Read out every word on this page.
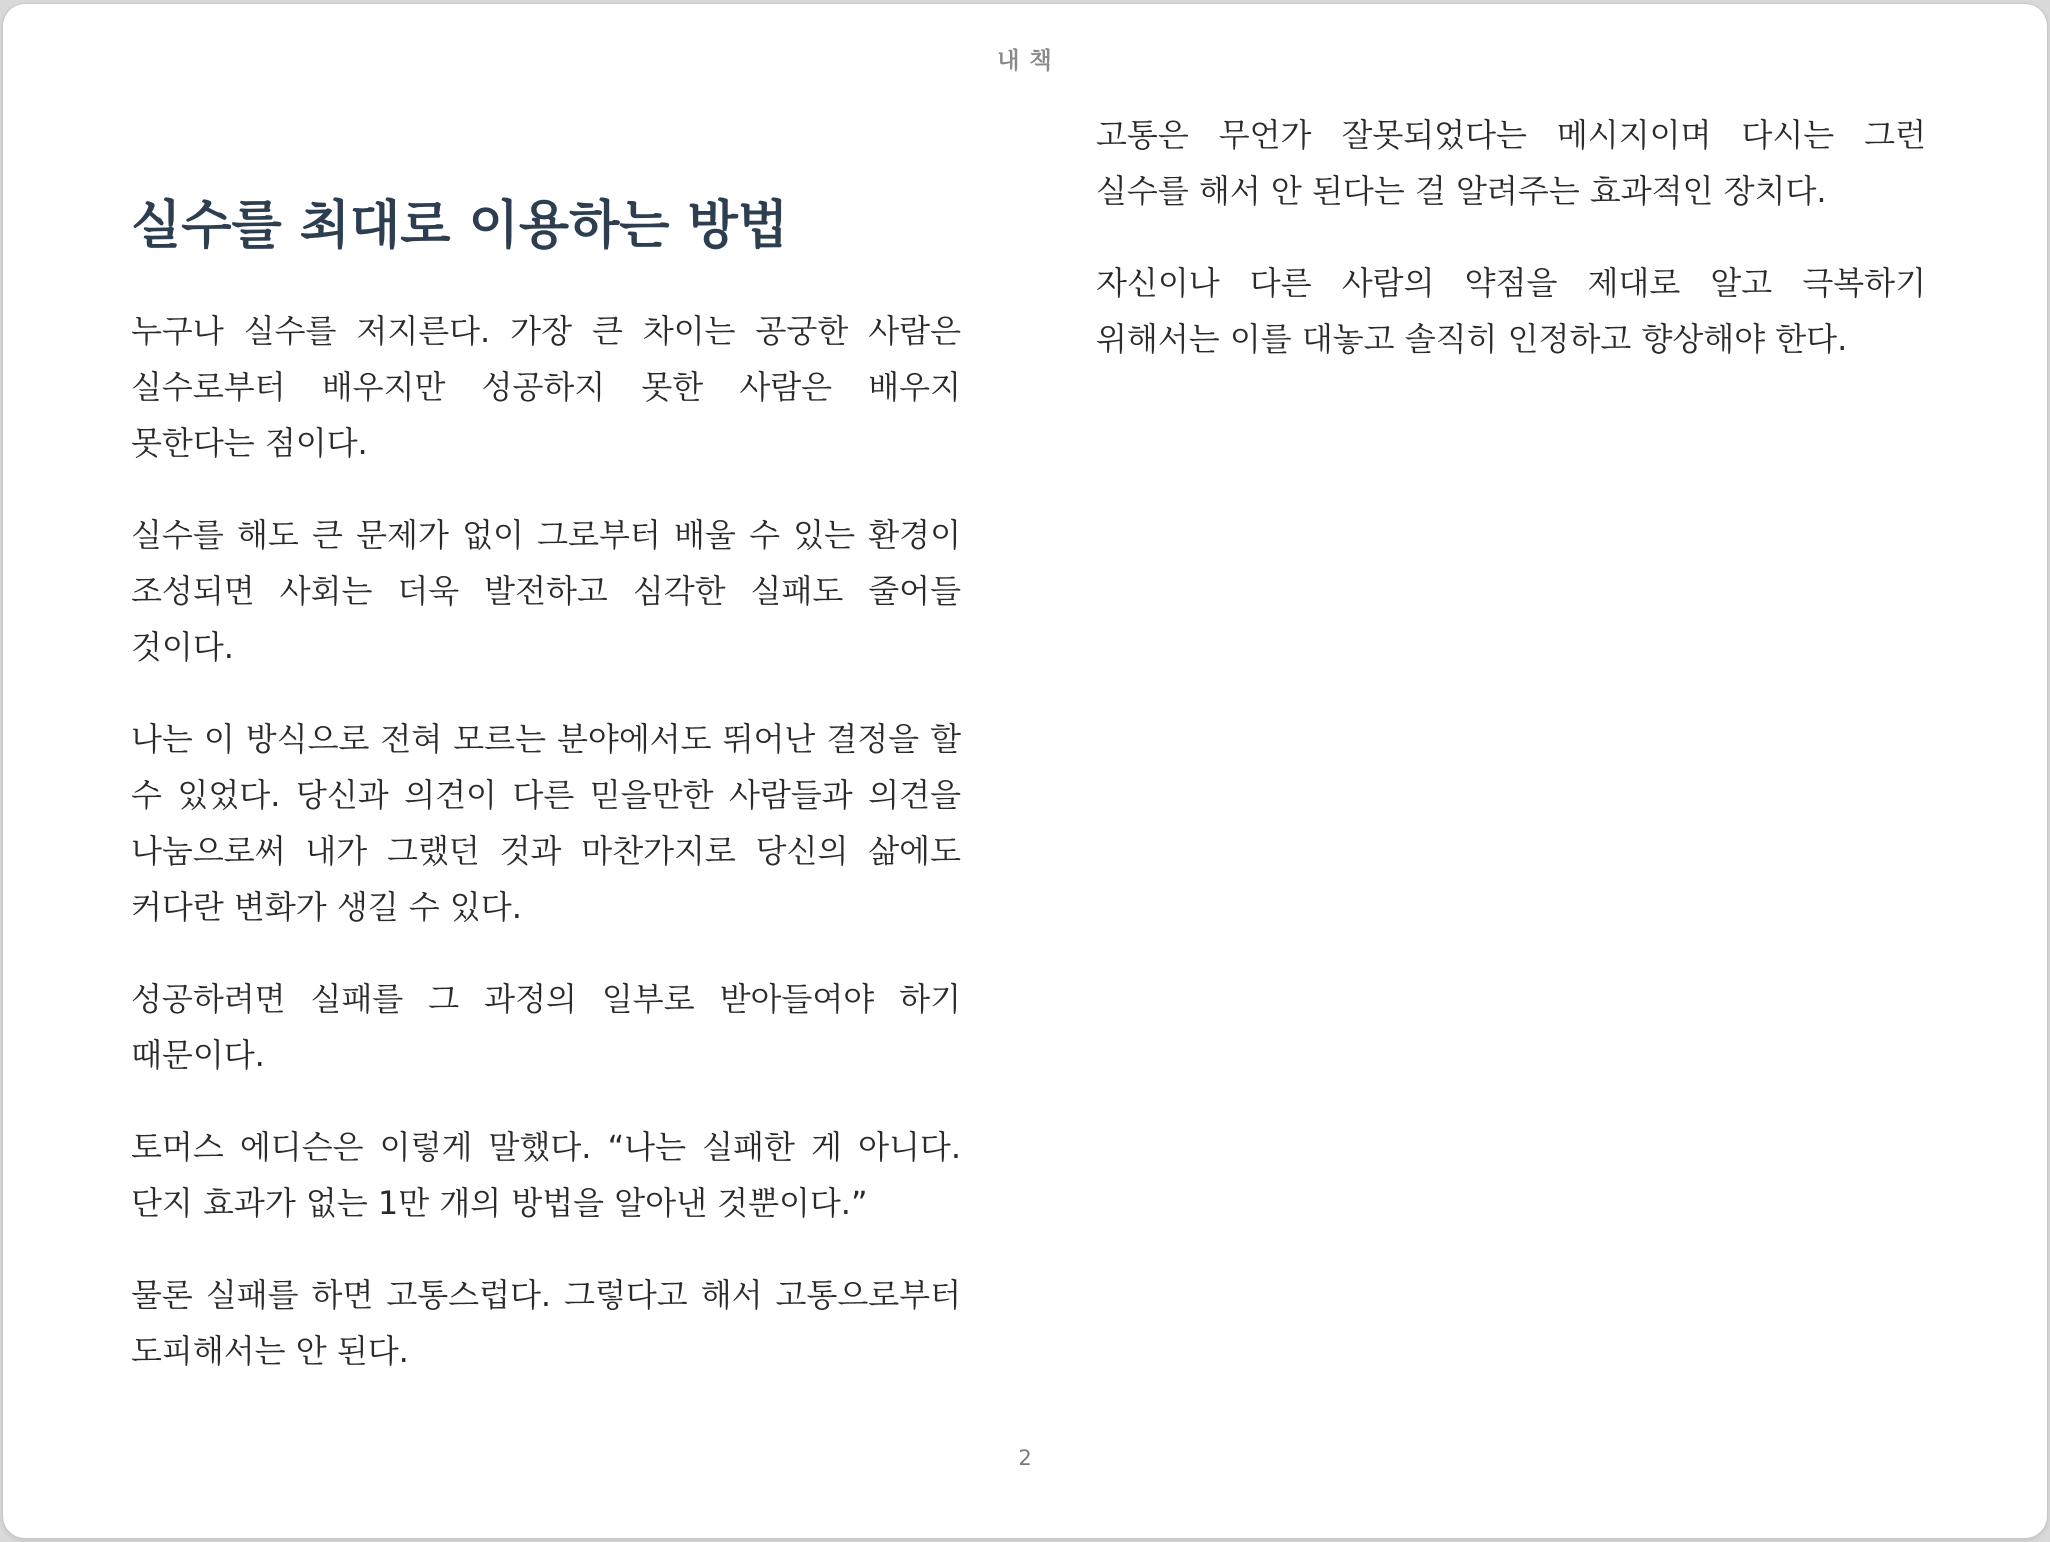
내 책
실수를 최대로 이용하는 방법

누구나 실수를 저지른다. 가장 큰 차이는 공궁한 사람은 실수로부터 배우지만 성공하지 못한 사람은 배우지 못한다는 점이다.

실수를 해도 큰 문제가 없이 그로부터 배울 수 있는 환경이 조성되면 사회는 더욱 발전하고 심각한 실패도 줄어들 것이다.

나는 이 방식으로 전혀 모르는 분야에서도 뛰어난 결정을 할 수 있었다. 당신과 의견이 다른 믿을만한 사람들과 의견을 나눔으로써 내가 그랬던 것과 마찬가지로 당신의 삶에도 커다란 변화가 생길 수 있다.

성공하려면 실패를 그 과정의 일부로 받아들여야 하기 때문이다.

토머스 에디슨은 이렇게 말했다. “나는 실패한 게 아니다. 단지 효과가 없는 1만 개의 방법을 알아낸 것뿐이다.”

물론 실패를 하면 고통스럽다. 그렇다고 해서 고통으로부터 도피해서는 안 된다.

고통은 무언가 잘못되었다는 메시지이며 다시는 그런 실수를 해서 안 된다는 걸 알려주는 효과적인 장치다.

자신이나 다른 사람의 약점을 제대로 알고 극복하기 위해서는 이를 대놓고 솔직히 인정하고 향상해야 한다.

2
